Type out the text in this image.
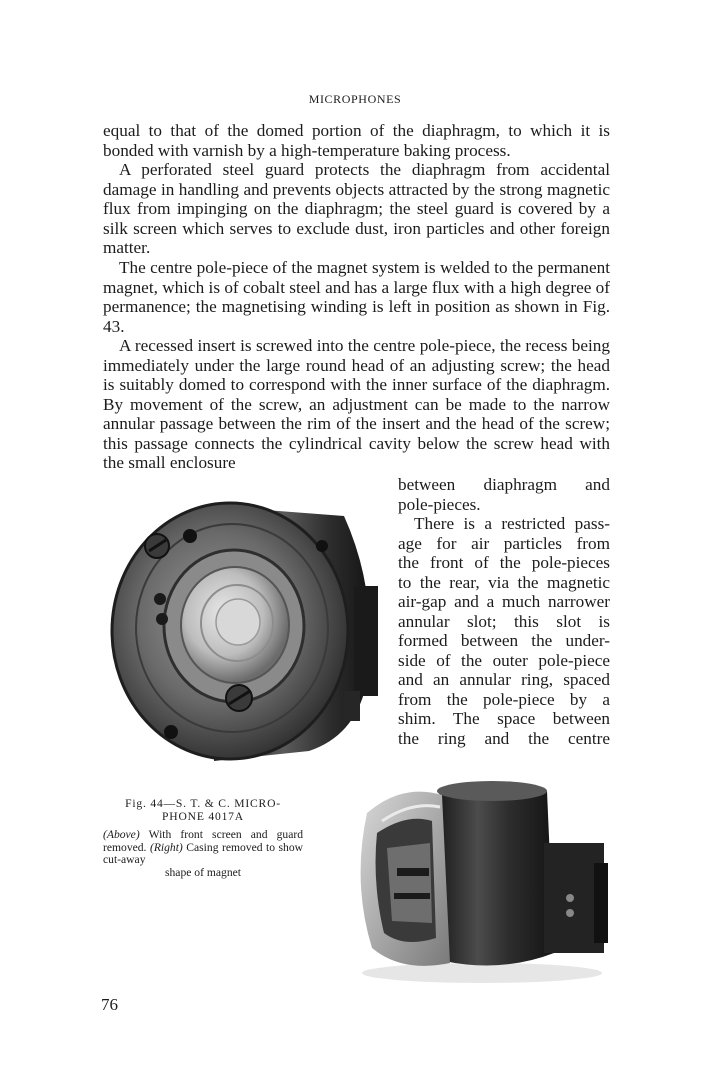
MICROPHONES

equal to that of the domed portion of the diaphragm, to which it is bonded with varnish by a high-temperature baking process.

A perforated steel guard protects the diaphragm from accidental damage in handling and prevents objects attracted by the strong magnetic flux from impinging on the diaphragm; the steel guard is covered by a silk screen which serves to exclude dust, iron particles and other foreign matter.

The centre pole-piece of the magnet system is welded to the permanent magnet, which is of cobalt steel and has a large flux with a high degree of permanence; the magnetising winding is left in position as shown in Fig. 43.

A recessed insert is screwed into the centre pole-piece, the recess being immediately under the large round head of an adjusting screw; the head is suitably domed to correspond with the inner surface of the diaphragm. By movement of the screw, an adjustment can be made to the narrow annular passage between the rim of the insert and the head of the screw; this passage connects the cylindrical cavity below the screw head with the small enclosure

between diaphragm and
pole-pieces.
There is a restricted pass-
age for air particles from
the front of the pole-pieces
to the rear, via the magnetic
air-gap and a much narrower
annular slot; this slot is
formed between the under-
side of the outer pole-piece
and an annular ring, spaced
from the pole-piece by a
shim. The space between
the ring and the centre
Fig. 44—S. T. & C. MICRO-
PHONE 4017A
(Above) With front screen and guard removed. (Right) Casing removed to show cut-away
shape of magnet
76
